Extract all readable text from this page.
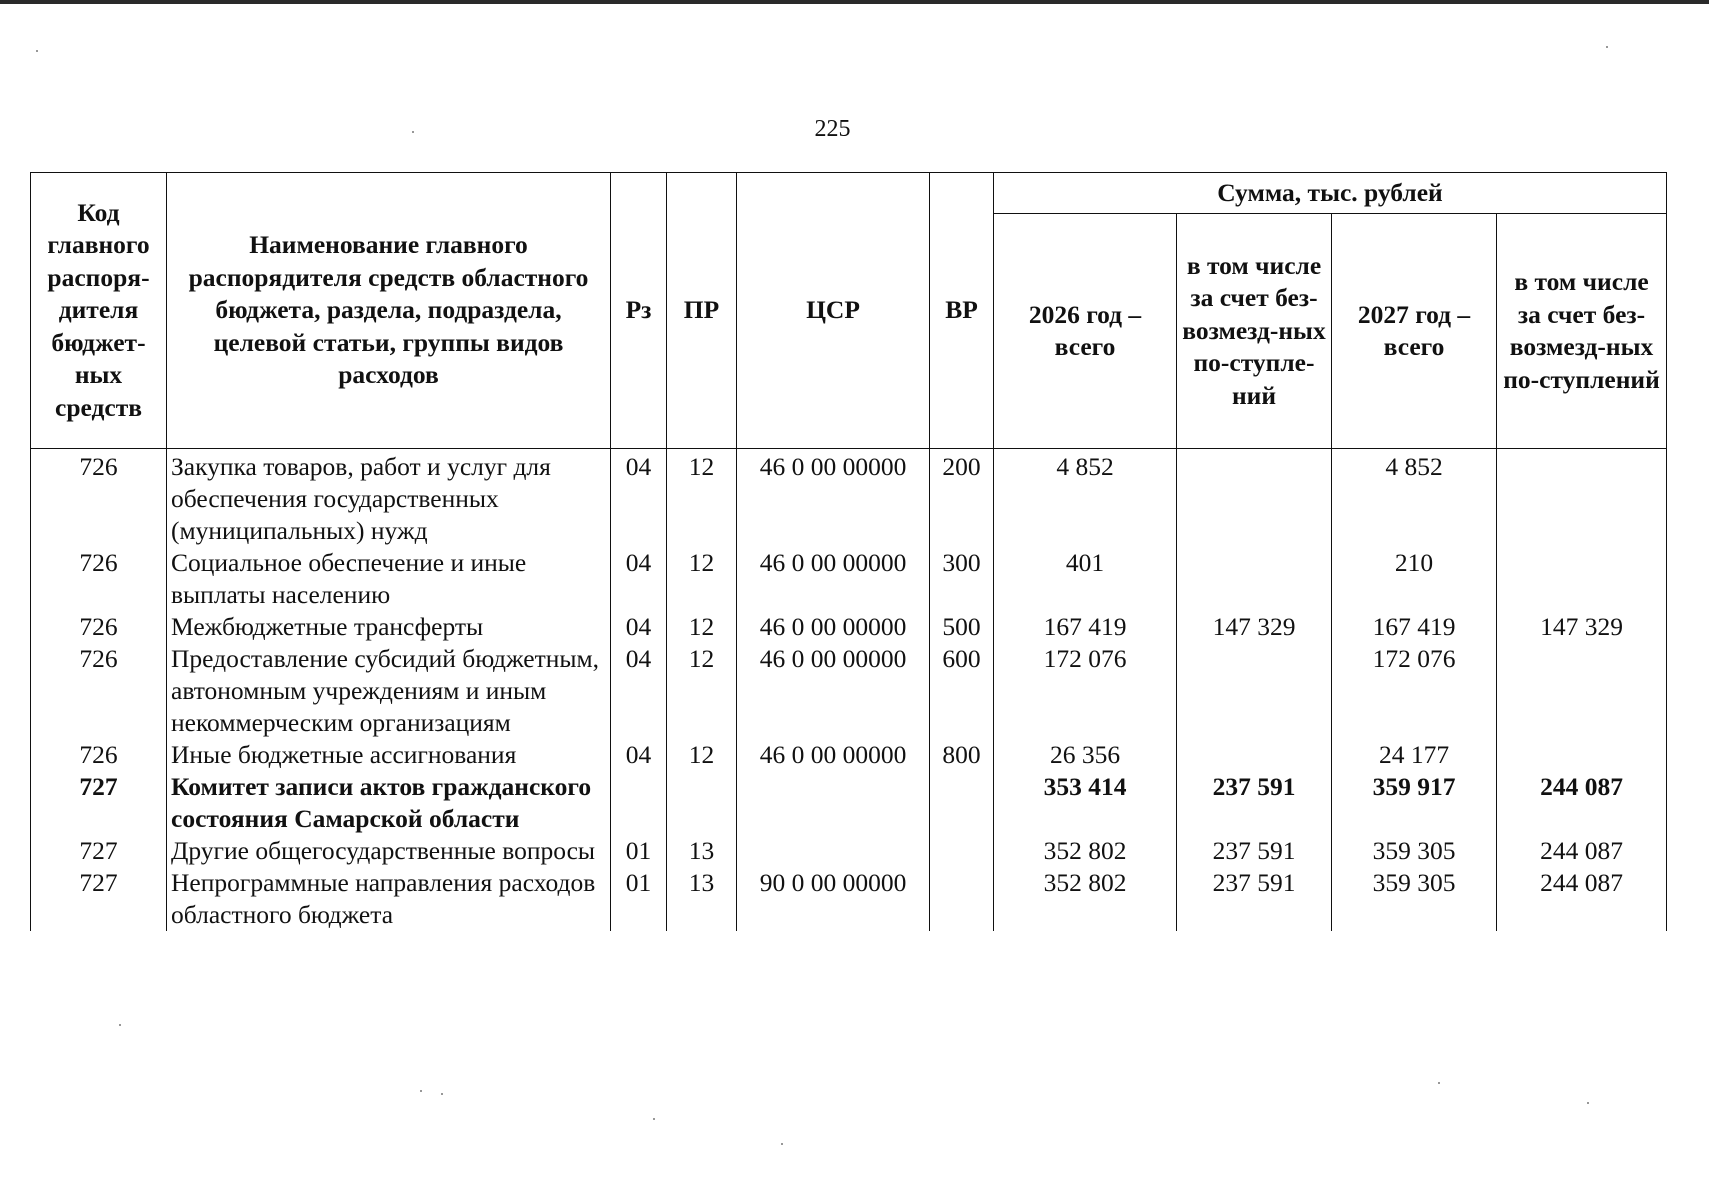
225
Код главного распоря-дителя бюджет-ных средств	Наименование главного распорядителя средств областного бюджета, раздела, подраздела, целевой статьи, группы видов расходов	Рз	ПР	ЦСР	ВР	Сумма, тыс. рублей			
						2026 год – всего	в том числе за счет без-возмезд-ных по-ступле-ний	2027 год – всего	в том числе за счет без-возмезд-ных по-ступлений
726	Закупка товаров, работ и услуг для обеспечения государственных (муниципальных) нужд	04	12	46 0 00 00000	200	4 852		4 852	
726	Социальное обеспечение и иные выплаты населению	04	12	46 0 00 00000	300	401		210	
726	Межбюджетные трансферты	04	12	46 0 00 00000	500	167 419	147 329	167 419	147 329
726	Предоставление субсидий бюджетным, автономным учреждениям и иным некоммерческим организациям	04	12	46 0 00 00000	600	172 076		172 076	
726	Иные бюджетные ассигнования	04	12	46 0 00 00000	800	26 356		24 177	
727	Комитет записи актов гражданского состояния Самарской области					353 414	237 591	359 917	244 087
727	Другие общегосударственные вопросы	01	13			352 802	237 591	359 305	244 087
727	Непрограммные направления расходов областного бюджета	01	13	90 0 00 00000		352 802	237 591	359 305	244 087
